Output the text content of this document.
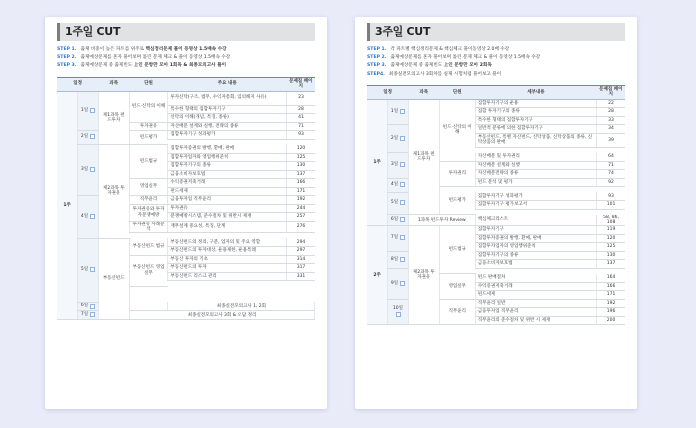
1주일 CUT
STEP 1. 출제 비중이 높은 파트를 위주로 핵심정리문제 풀이 동영상 1.5배속 수강
STEP 2. 출제예상문제를 혼자 풀어보며 틀린 문제 체크 & 풀이 동영상 1.5배속 수강
STEP 3. 출제예상문제 중 출제빈도 上인 문항만 모아 1회독 & 최종모의고사 풀이
일정		과목	단원	주요 내용	문제집 페이지	
1주	1일	제1과목 펀드투자	펀드·신탁의 이해	투자신탁(구조, 법무, 수익자총회, 임의해지 사유)	23	
				특수한 형태의 집합투자기구	28	
				신탁의 이해(개념, 특징, 종류)	41	
			투자권유	자산배분 설계와 실행, 전략의 종류	71	
	2일		펀드평가	집합투자기구 성과평가	93	

	3일	제2과목 투자권유	펀드법규	집합투자증권의 발행, 환매, 판매	120	
				집합투자업자와 영업행위준칙	125	
				집합투자기구의 종류	130	
				금융소비자보호법	137	
			영업실무	수익증권저축거래	166	
				펀드세제	171	
	4일		직무윤리	금융투자업 직무윤리	192	
			투자권유와 투자자분쟁예방	투자권유	244	
				분쟁예방시스템, 준수절차 및 위반시 제재	257	
			투자권유 사례분석	재무설계 중요성, 특징, 단계	276	

	5일	부동산펀드	부동산펀드 법규	부동산펀드의 정의, 구분, 업자의 및 주요 역할	294	
				부동산펀드의 투자대상, 운용제한, 운용특례	297	
			부동산펀드 영업실무	부동산 투자의 기초	314	
				부동산펀드의 투자	317	
				부동산펀드 리스크 관리	331	

	6일			최종실전모의고사 1, 2회	
	7일		최종실전모의고사 3회 & 오답 정리	
3주일 CUT
STEP 1. 각 파트별 핵심정리문제 & 핵심체크 풀이동영상 2.0배 수강
STEP 2. 출제예상문제를 혼자 풀어보며 틀린 문제 체크 & 풀이 동영상 1.5배속 수강
STEP 3. 출제예상문제 중 출제빈도 上인 문항만 모아 2회독
STEP4. 최종실전모의고사 3회차를 실제 시험처럼 풀어보고 풀이
일정		과목	단원	세부내용	문제집 페이지
1주	1일	제1과목 펀드투자	펀드·신탁의 이해	집합투자기구의 운용	22
				집합 투자기구의 종류	28
				특수한 형태의 집합투자기구	33
	2일			일반적 분류에 의한 집합투자기구	34
				부동산펀드, 특별 자산펀드, 신탁상품, 신탁상품의 종류, 신탁상품의 판매	39

	3일			자산배분 및 투자권리	64
			투자권리	자산배분 설계와 실행	71
				자산배분전략의 종류	74
	4일			펀드 분석 및 평가	92
			펀드평가		
	5일			집합투자기구 성과평가	93
				집합투자기구 평가보고서	101

	6일	1과목 펀드투자 Review		핵심체크리스트	58, 86, 108
2주	7일	제2과목 투자권유	펀드법규	집합투자기구	119
				집합투자증권의 발행, 환매, 판매	120
				집합투자업자의 영업행위준칙	125
	8일			집합투자기구의 종류	130
				금융소비자보호법	137
	9일				
			영업실무	펀드 판매절차	164
				수익증권저축거래	166
				펀드세제	171
	10일		직무윤리	직무윤리 일반	192
				금융투자업 직무윤리	196
				직무윤리의 준수절차 및 위반 시 제재	200
